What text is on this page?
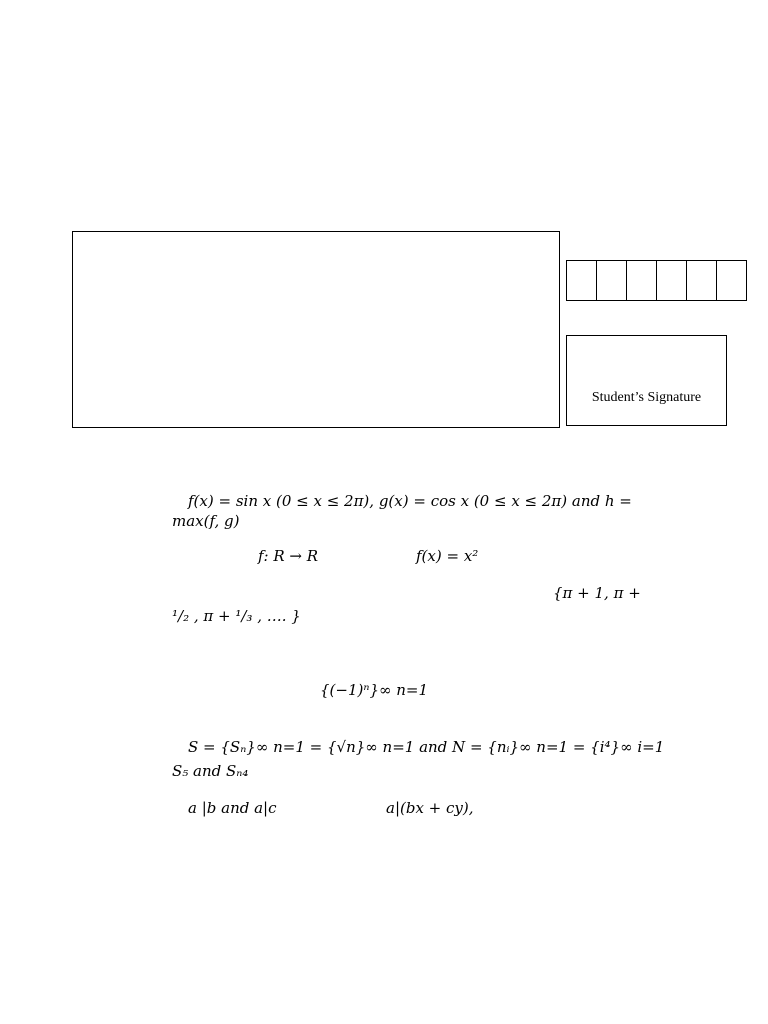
Student’s Signature
f(x) = sin x (0 ≤ x ≤ 2π), g(x) = cos x (0 ≤ x ≤ 2π) and h =
max(f, g)
f: R → R	f(x) = x²
{π + 1, π +
¹/₂ , π + ¹/₃ , …. }
{(−1)ⁿ}∞ n=1
S = {Sₙ}∞ n=1 = {√n}∞ n=1 and N = {nᵢ}∞ n=1 = {i⁴}∞ i=1
S₅ and Sₙ₄
a |b and a|c	a|(bx + cy),
